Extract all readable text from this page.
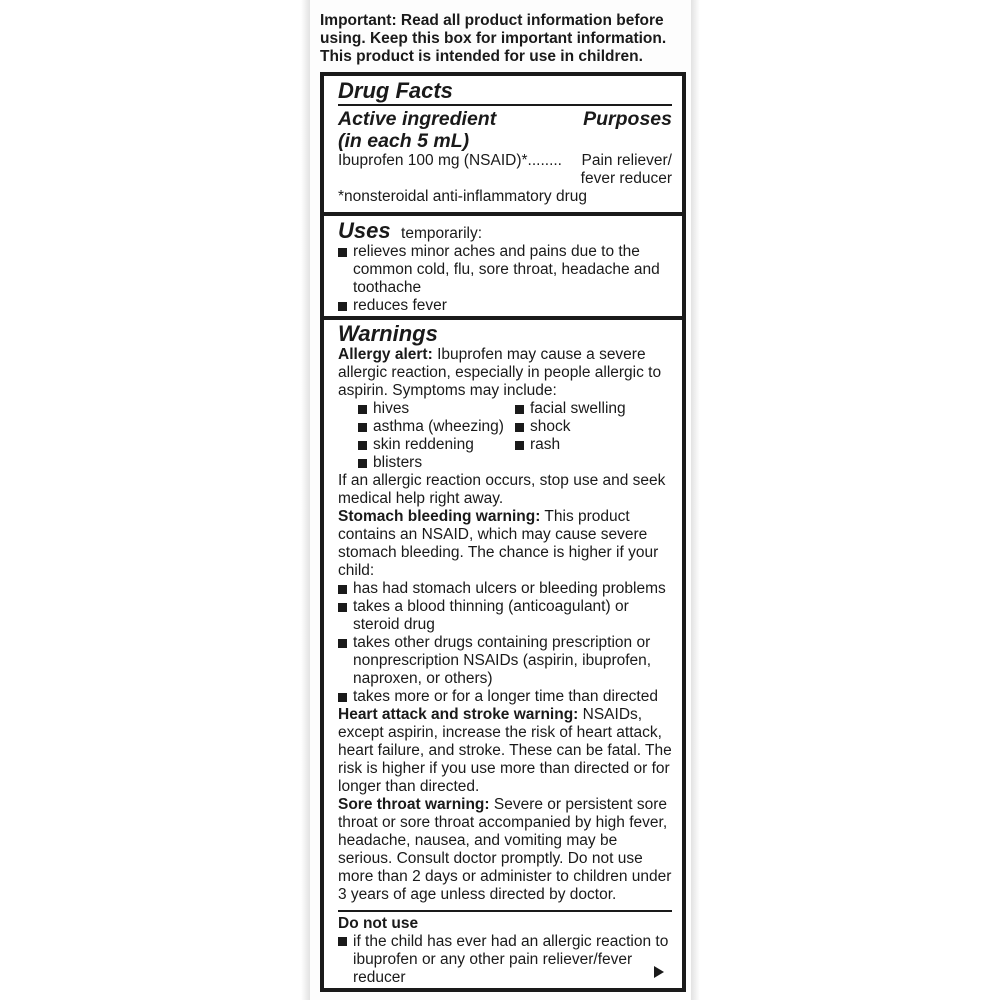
Important: Read all product information before using. Keep this box for important information. This product is intended for use in children.
Drug Facts
Active ingredient	Purposes
(in each 5 mL)
Ibuprofen 100 mg (NSAID)*........ Pain reliever/
fever reducer
*nonsteroidal anti-inflammatory drug
Uses temporarily:
relieves minor aches and pains due to the common cold, flu, sore throat, headache and toothache
reduces fever
Warnings
Allergy alert: Ibuprofen may cause a severe allergic reaction, especially in people allergic to aspirin. Symptoms may include:
hives
asthma (wheezing)
skin reddening
blisters
facial swelling
shock
rash
If an allergic reaction occurs, stop use and seek medical help right away.
Stomach bleeding warning: This product contains an NSAID, which may cause severe stomach bleeding. The chance is higher if your child:
has had stomach ulcers or bleeding problems
takes a blood thinning (anticoagulant) or steroid drug
takes other drugs containing prescription or nonprescription NSAIDs (aspirin, ibuprofen, naproxen, or others)
takes more or for a longer time than directed
Heart attack and stroke warning: NSAIDs, except aspirin, increase the risk of heart attack, heart failure, and stroke. These can be fatal. The risk is higher if you use more than directed or for longer than directed.
Sore throat warning: Severe or persistent sore throat or sore throat accompanied by high fever, headache, nausea, and vomiting may be serious. Consult doctor promptly. Do not use more than 2 days or administer to children under 3 years of age unless directed by doctor.
Do not use
if the child has ever had an allergic reaction to ibuprofen or any other pain reliever/fever reducer
